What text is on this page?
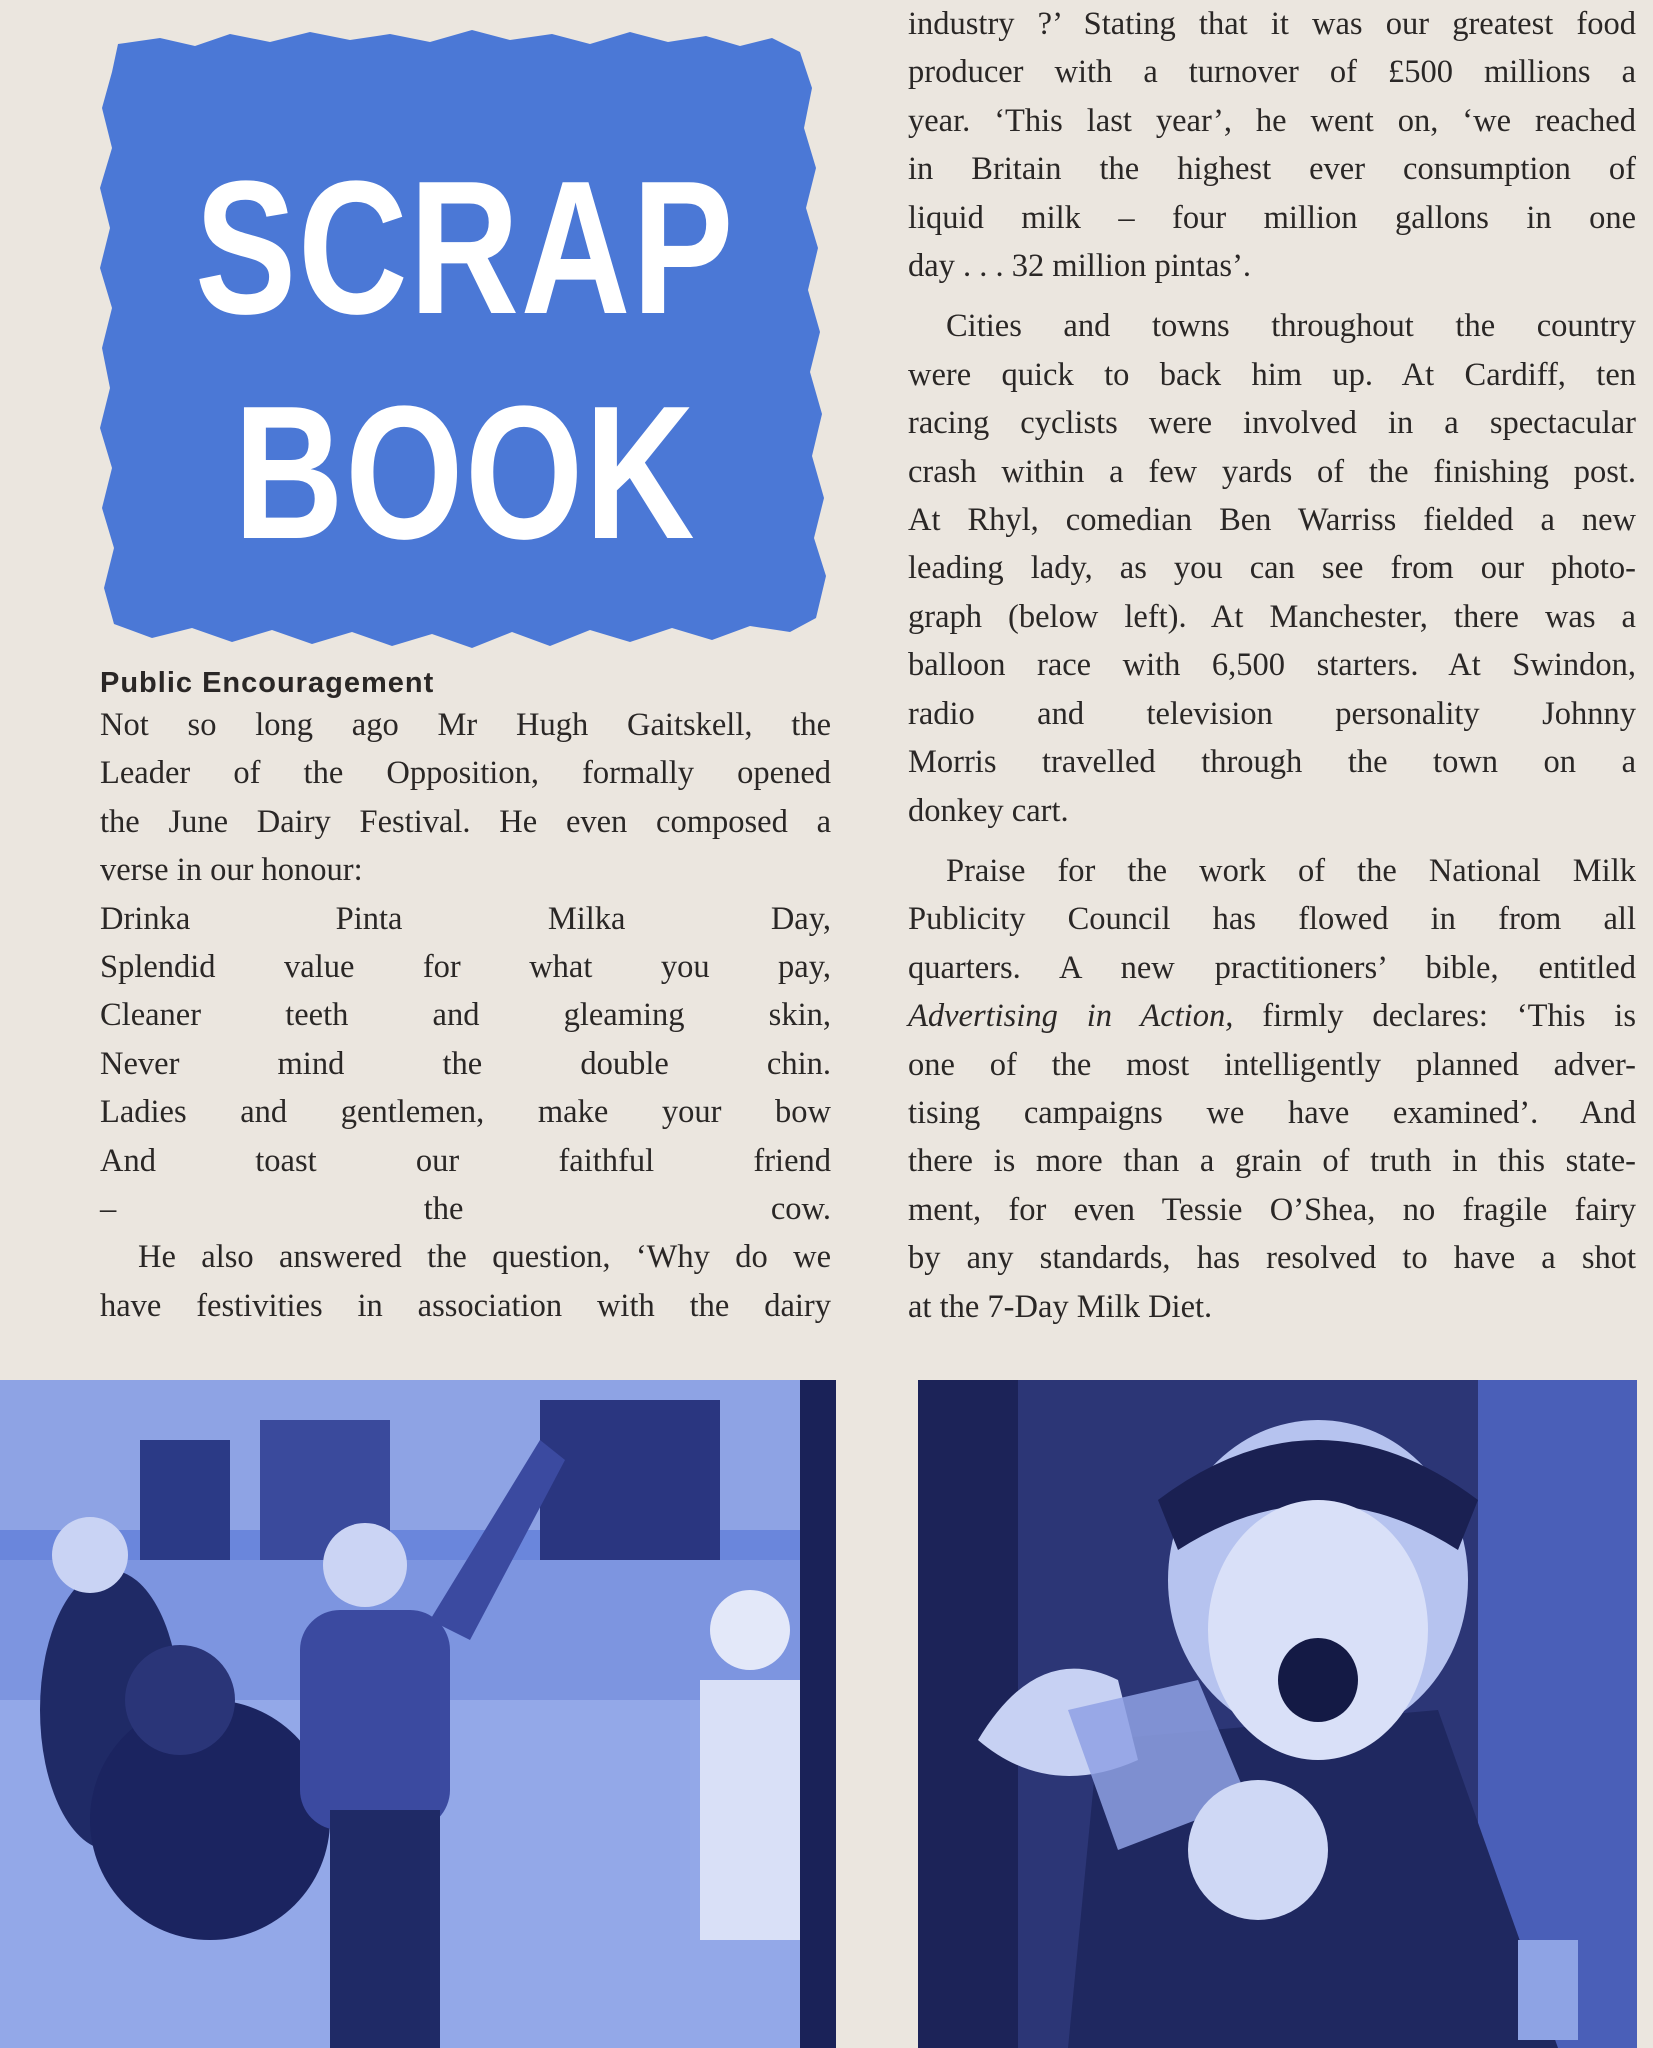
SCRAP
BOOK
Public Encouragement

Not so long ago Mr Hugh Gaitskell, the

Leader of the Opposition, formally opened

the June Dairy Festival. He even composed a

verse in our honour:

Drinka Pinta Milka Day,

Splendid value for what you pay,

Cleaner teeth and gleaming skin,

Never mind the double chin.

Ladies and gentlemen, make your bow

And toast our faithful friend

– the cow.

He also answered the question, ‘Why do we

have festivities in association with the dairy

industry ?’ Stating that it was our greatest food

producer with a turnover of £500 millions a

year. ‘This last year’, he went on, ‘we reached

in Britain the highest ever consumption of

liquid milk – four million gallons in one

day . . . 32 million pintas’.

Cities and towns throughout the country

were quick to back him up. At Cardiff, ten

racing cyclists were involved in a spectacular

crash within a few yards of the finishing post.

At Rhyl, comedian Ben Warriss fielded a new

leading lady, as you can see from our photo-

graph (below left). At Manchester, there was a

balloon race with 6,500 starters. At Swindon,

radio and television personality Johnny

Morris travelled through the town on a

donkey cart.

Praise for the work of the National Milk

Publicity Council has flowed in from all

quarters. A new practitioners’ bible, entitled

Advertising in Action, firmly declares: ‘This is

one of the most intelligently planned adver-

tising campaigns we have examined’. And

there is more than a grain of truth in this state-

ment, for even Tessie O’Shea, no fragile fairy

by any standards, has resolved to have a shot

at the 7-Day Milk Diet.
